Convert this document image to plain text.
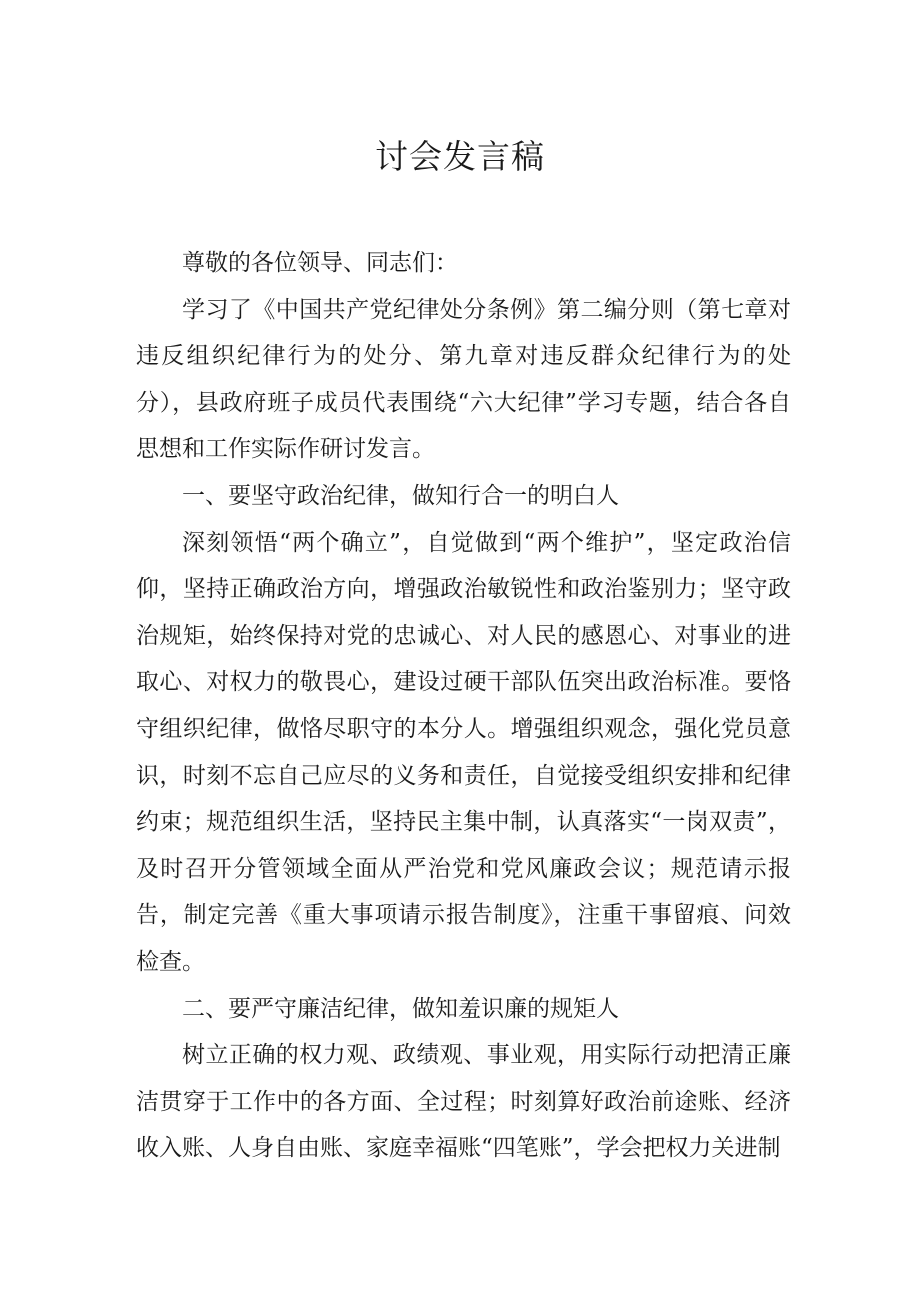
讨会发言稿

尊敬的各位领导、同志们：

学习了《中国共产党纪律处分条例》第二编分则（第七章对违反组织纪律行为的处分、第九章对违反群众纪律行为的处分），县政府班子成员代表围绕“六大纪律”学习专题，结合各自思想和工作实际作研讨发言。

一、要坚守政治纪律，做知行合一的明白人

深刻领悟“两个确立”，自觉做到“两个维护”，坚定政治信仰，坚持正确政治方向，增强政治敏锐性和政治鉴别力；坚守政治规矩，始终保持对党的忠诚心、对人民的感恩心、对事业的进取心、对权力的敬畏心，建设过硬干部队伍突出政治标准。要恪守组织纪律，做恪尽职守的本分人。增强组织观念，强化党员意识，时刻不忘自己应尽的义务和责任，自觉接受组织安排和纪律约束；规范组织生活，坚持民主集中制，认真落实“一岗双责”，及时召开分管领域全面从严治党和党风廉政会议；规范请示报告，制定完善《重大事项请示报告制度》，注重干事留痕、问效检查。

二、要严守廉洁纪律，做知羞识廉的规矩人

树立正确的权力观、政绩观、事业观，用实际行动把清正廉洁贯穿于工作中的各方面、全过程；时刻算好政治前途账、经济收入账、人身自由账、家庭幸福账“四笔账”，学会把权力关进制
